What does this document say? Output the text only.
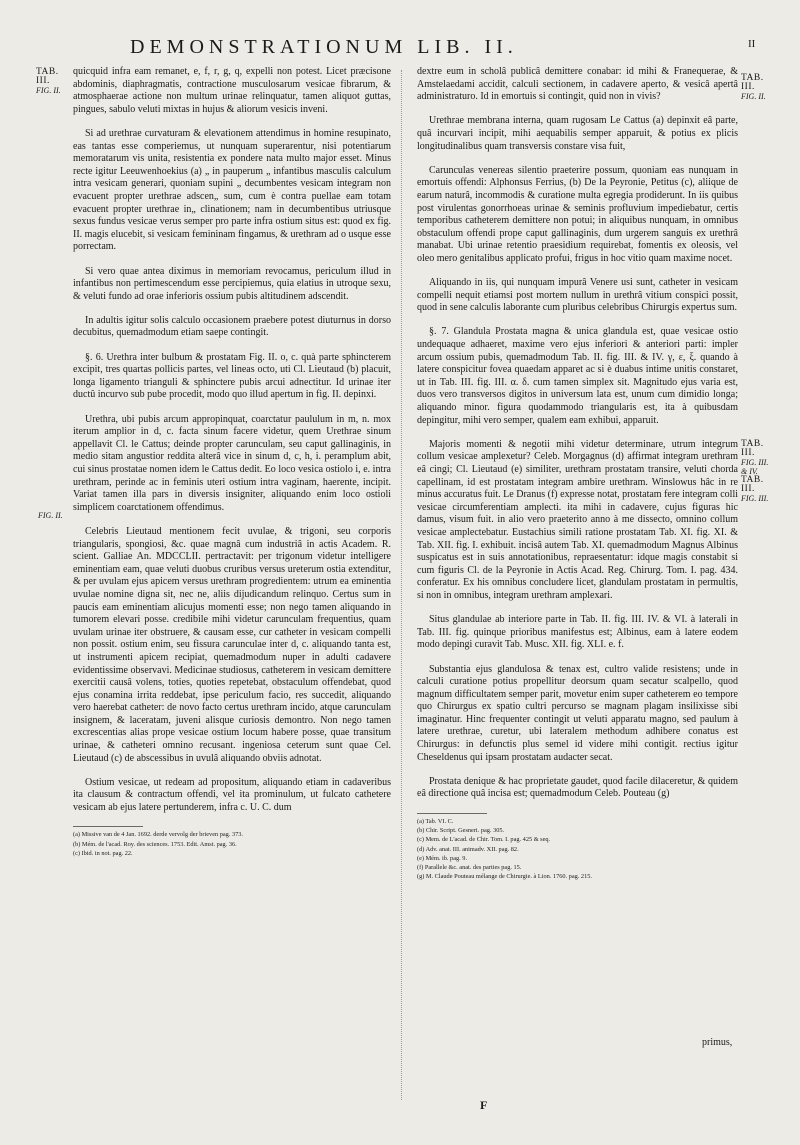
DEMONSTRATIONUM LIB. II.	II
TAB.
III.
FIG. II.
FIG. II.
TAB.
III.
FIG. II.
TAB.
III.
FIG. III.
& IV.
TAB.
III.
FIG. III.

quicquid infra eam remanet, e, f, r, g, q, expelli non potest. Licet præcisone abdominis, diaphragmatis, contractione musculosarum vesicae fibrarum, & atmosphaerae actione non multum urinae relinquatur, tamen aliquot guttas, pingues, sabulo veluti mixtas in hujus & aliorum vesicis inveni.

Si ad urethrae curvaturam & elevationem attendimus in homine resupinato, eas tantas esse comperiemus, ut nunquam superarentur, nisi potentiarum memoratarum vis unita, resistentia ex pondere nata multo major esset. Minus recte igitur Leeuwenhoekius (a) „ in pauperum „ infantibus masculis calculum intra vesicam generari, quoniam supini „ decumbentes vesicam integram non evacuent propter urethrae adscen„ sum, cum è contra puellae eam totam evacuent propter urethrae in„ clinationem; nam in decumbentibus utriusque sexus fundus vesicae verus semper pro parte infra ostium situs est: quod ex fig. II. magis elucebit, si vesicam femininam fingamus, & urethram ad o usque esse porrectam.

Si vero quae antea diximus in memoriam revocamus, periculum illud in infantibus non pertimescendum esse percipiemus, quia elatius in utroque sexu, & veluti fundo ad orae inferioris ossium pubis altitudinem adscendit.

In adultis igitur solis calculo occasionem praebere potest diuturnus in dorso decubitus, quemadmodum etiam saepe contingit.

§. 6. Urethra inter bulbum & prostatam Fig. II. o, c. quà parte sphincterem excipit, tres quartas pollicis partes, vel lineas octo, uti Cl. Lieutaud (b) placuit, longa ligamento trianguli & sphinctere pubis arcui adnectitur. Id urinae iter ductû incurvo sub pube procedit, modo quo illud apertum in fig. II. depinxi.

Urethra, ubi pubis arcum appropinquat, coarctatur paululum in m, n. mox iterum amplior in d, c. facta sinum facere videtur, quem Urethrae sinum appellavit Cl. le Cattus; deinde propter carunculam, seu caput gallinaginis, in medio sitam angustior reddita alterâ vice in sinum d, c, h, i. peramplum abit, cui sinus prostatae nomen idem le Cattus dedit. Eo loco vesica ostiolo i, e. intra urethram, perinde ac in feminis uteri ostium intra vaginam, haerente, incipit. Variat tamen illa pars in diversis insigniter, aliquando enim loco ostioli simplicem coarctationem offendimus.

Celebris Lieutaud mentionem fecit uvulae, & trigoni, seu corporis triangularis, spongiosi, &c. quae magnâ cum industriâ in actis Academ. R. scient. Galliae An. MDCCLII. pertractavit: per trigonum videtur intelligere eminentiam eam, quae veluti duobus cruribus versus ureterum ostia extenditur, & per uvulam ejus apicem versus urethram progredientem: utrum ea eminentia uvulae nomine digna sit, nec ne, aliis dijudicandum relinquo. Certus sum in paucis eam eminentiam alicujus momenti esse; non nego tamen aliquando in tumorem elevari posse. credibile mihi videtur carunculam frequentius, quam uvulam urinae iter obstruere, & causam esse, cur catheter in vesicam compelli non possit. ostium enim, seu fissura carunculae inter d, c. aliquando tanta est, ut instrumenti apicem recipiat, quemadmodum nuper in adulti cadavere evidentissime observavi. Medicinae studiosus, catheterem in vesicam demittere exercitii causâ volens, toties, quoties repetebat, obstaculum offendebat, quod ejus conamina irrita reddebat, ipse periculum facio, res succedit, aliquando vero haerebat catheter: de novo facto certus urethram incido, atque carunculam insignem, & laceratam, juveni alisque curiosis demontro. Non nego tamen excrescentias alias prope vesicae ostium locum habere posse, quae transitum urinae, & catheteri omnino recusant. ingeniosa ceterum sunt quae Cel. Lieutaud (c) de abscessibus in uvulâ aliquando obviis adnotat.

Ostium vesicae, ut redeam ad propositum, aliquando etiam in cadaveribus ita clausum & contractum offendi, vel ita prominulum, ut fulcato cathetere vesicam ab ejus latere pertunderem, infra c. U. C. dum

(a) Missive van de 4 Jan. 1692. derde vervolg der brieven pag. 373.
(b) Mém. de l'acad. Roy. des sciences. 1753. Edit. Amst. pag. 36.
(c) Ibid. in not. pag. 22.

dextre eum in scholâ publicâ demittere conabar: id mihi & Franequerae, & Amstelaedami accidit, calculi sectionem, in cadavere aperto, & vesicâ apertâ administraturo. Id in emortuis si contingit, quid non in vivis?

Urethrae membrana interna, quam rugosam Le Cattus (a) depinxit eâ parte, quâ incurvari incipit, mihi aequabilis semper apparuit, & potius ex plicis longitudinalibus quam transversis constare visa fuit,

Carunculas venereas silentio praeterire possum, quoniam eas nunquam in emortuis offendi: Alphonsus Ferrius, (b) De la Peyronie, Petitus (c), aliique de earum naturâ, incommodis & curatione multa egregia prodiderunt. In iis quibus post virulentas gonorrhoeas urinae & seminis profluvium impediebatur, certis temporibus catheterem demittere non potui; in aliquibus nunquam, in omnibus obstaculum offendi prope caput gallinaginis, dum urgerem sanguis ex urethrâ manabat. Ubi urinae retentio praesidium requirebat, fomentis ex oleosis, vel oleo mero genitalibus applicato profui, frigus in hoc vitio quam maxime nocet.

Aliquando in iis, qui nunquam impurâ Venere usi sunt, catheter in vesicam compelli nequit etiamsi post mortem nullum in urethrâ vitium conspici possit, quod in sene calculis laborante cum pluribus celebribus Chirurgis expertus sum.

§. 7. Glandula Prostata magna & unica glandula est, quae vesicae ostio undequaque adhaeret, maxime vero ejus inferiori & anteriori parti: impler arcum ossium pubis, quemadmodum Tab. II. fig. III. & IV. γ, ε, ξ. quando à latere conspicitur fovea quaedam apparet ac si è duabus intime unitis constaret, ut in Tab. III. fig. III. α. δ. cum tamen simplex sit. Magnitudo ejus varia est, duos vero transversos digitos in universum lata est, unum cum dimidio longa; aliquando minor. figura quodammodo triangularis est, ita à quibusdam depingitur, mihi vero semper, qualem eam exhibui, apparuit.

Majoris momenti & negotii mihi videtur determinare, utrum integrum collum vesicae amplexetur? Celeb. Morgagnus (d) affirmat integram urethram eâ cingi; Cl. Lieutaud (e) similiter, urethram prostatam transire, veluti chorda capellinam, id est prostatam integram ambire urethram. Winslowus hâc in re minus accuratus fuit. Le Dranus (f) expresse notat, prostatam fere integram colli vesicae circumferentiam amplecti. ita mihi in cadavere, cujus figuras hic damus, visum fuit. in alio vero praeterito anno à me dissecto, omnino collum vesicae amplectebatur. Eustachius simili ratione prostatam Tab. XI. fig. XI. & Tab. XII. fig. I. exhibuit. incisâ autem Tab. XI. quemadmodum Magnus Albinus suspicatus est in suis annotationibus, repraesentatur: idque magis constabit si cum figuris Cl. de la Peyronie in Actis Acad. Reg. Chirurg. Tom. I. pag. 434. conferatur. Ex his omnibus concludere licet, glandulam prostatam in permultis, si non in omnibus, integram urethram amplexari.

Situs glandulae ab interiore parte in Tab. II. fig. III. IV. & VI. à laterali in Tab. III. fig. quinque prioribus manifestus est; Albinus, eam à latere eodem modo depingi curavit Tab. Musc. XII. fig. XLI. e. f.

Substantia ejus glandulosa & tenax est, cultro valide resistens; unde in calculi curatione potius propellitur deorsum quam secatur scalpello, quod magnum difficultatem semper parit, movetur enim super catheterem eo tempore quo Chirurgus ex spatio cultri percurso se magnam plagam insilixisse sibi imaginatur. Hinc frequenter contingit ut veluti apparatu magno, sed paulum à latere urethrae, curetur, ubi lateralem methodum adhibere conatus est Chirurgus: in defunctis plus semel id videre mihi contigit. rectius igitur Cheseldenus qui ipsam prostatam audacter secat.

Prostata denique & hac proprietate gaudet, quod facile dilaceretur, & quidem eâ directione quâ incisa est; quemadmodum Celeb. Pouteau (g)

(a) Tab. VI. C.
(b) Chir. Script. Gesneri. pag. 305.
(c) Mem. de L'acad. de Chir. Tom. I. pag. 425 & seq.
(d) Adv. anat. III. animadv. XII. pag. 82.
(e) Mém. ib. pag. 9.
(f) Parallele &c. anat. des parties pag. 15.
(g) M. Claude Pouteau mélange de Chirurgie. à Lion. 1760. pag. 215.
primus,
F
